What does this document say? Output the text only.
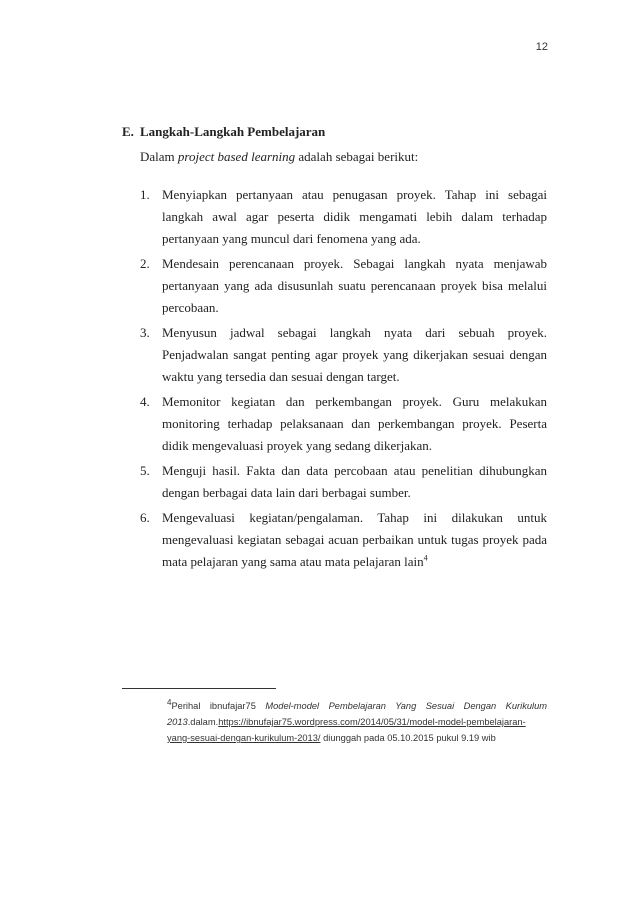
12

E. Langkah-Langkah Pembelajaran

Dalam project based learning adalah sebagai berikut:

1. Menyiapkan pertanyaan atau penugasan proyek. Tahap ini sebagai langkah awal agar peserta didik mengamati lebih dalam terhadap pertanyaan yang muncul dari fenomena yang ada.
2. Mendesain perencanaan proyek. Sebagai langkah nyata menjawab pertanyaan yang ada disusunlah suatu perencanaan proyek bisa melalui percobaan.
3. Menyusun jadwal sebagai langkah nyata dari sebuah proyek. Penjadwalan sangat penting agar proyek yang dikerjakan sesuai dengan waktu yang tersedia dan sesuai dengan target.
4. Memonitor kegiatan dan perkembangan proyek. Guru melakukan monitoring terhadap pelaksanaan dan perkembangan proyek. Peserta didik mengevaluasi proyek yang sedang dikerjakan.
5. Menguji hasil. Fakta dan data percobaan atau penelitian dihubungkan dengan berbagai data lain dari berbagai sumber.
6. Mengevaluasi kegiatan/pengalaman. Tahap ini dilakukan untuk mengevaluasi kegiatan sebagai acuan perbaikan untuk tugas proyek pada mata pelajaran yang sama atau mata pelajaran lain$^4$
$^4$Perihal ibnufajar75 Model-model Pembelajaran Yang Sesuai Dengan Kurikulum 2013.dalam.https://ibnufajar75.wordpress.com/2014/05/31/model-model-pembelajaran-yang-sesuai-dengan-kurikulum-2013/ diunggah pada 05.10.2015 pukul 9.19 wib
